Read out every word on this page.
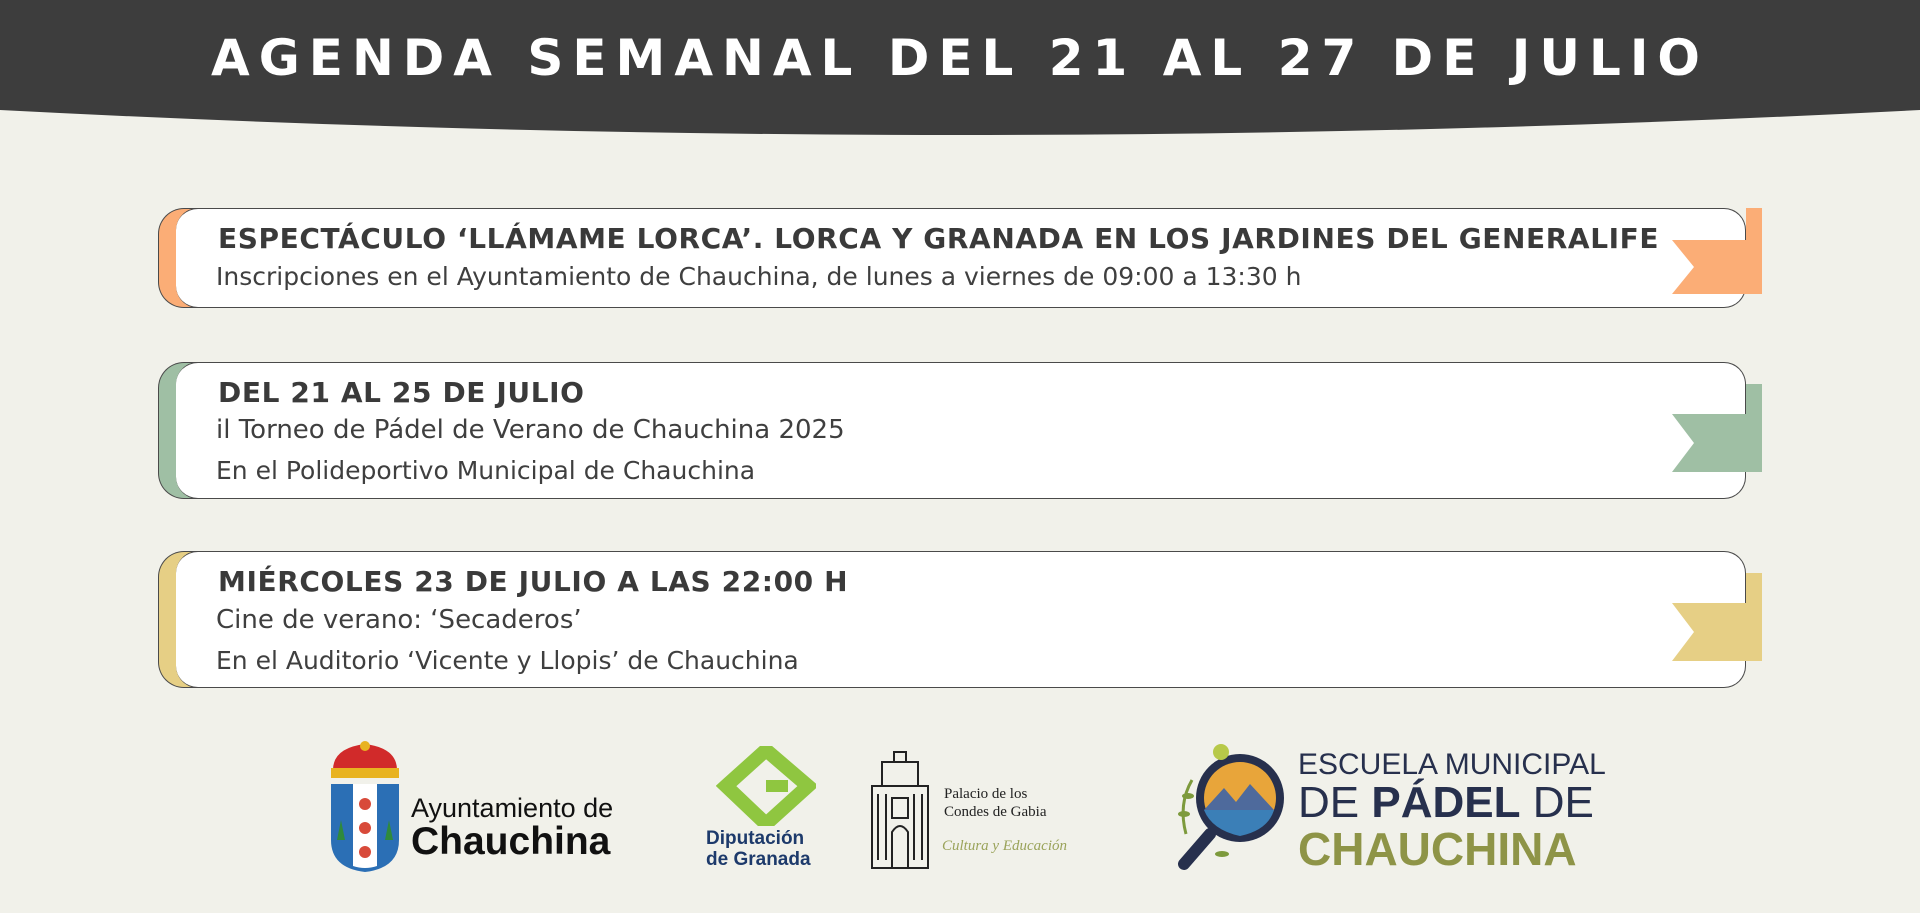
AGENDA SEMANAL DEL 21 AL 27 DE JULIO
ESPECTÁCULO ‘LLÁMAME LORCA’. LORCA Y GRANADA EN LOS JARDINES DEL GENERALIFE
Inscripciones en el Ayuntamiento de Chauchina, de lunes a viernes de 09:00 a 13:30 h
DEL 21 AL 25 DE JULIO
il Torneo de Pádel de Verano de Chauchina 2025
En el Polideportivo Municipal de Chauchina
MIÉRCOLES 23 DE JULIO A LAS 22:00 H
Cine de verano: ‘Secaderos’
En el Auditorio ‘Vicente y Llopis’ de Chauchina
Ayuntamiento de
Chauchina	Diputación
de Granada
Palacio de los
Condes de Gabia
Cultura y Educación
ESCUELA MUNICIPAL
DE PÁDEL DE
CHAUCHINA
